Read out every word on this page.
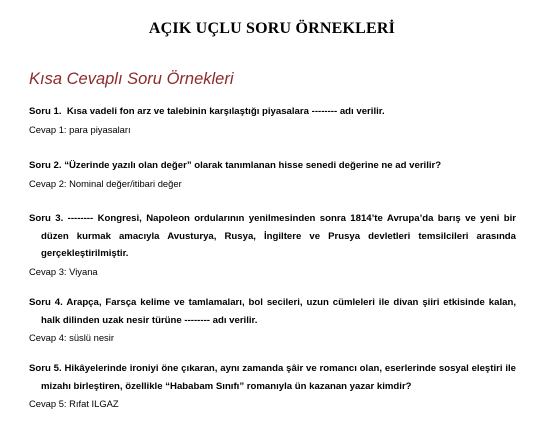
AÇIK UÇLU SORU ÖRNEKLERİ
Kısa Cevaplı Soru Örnekleri

Soru 1. Kısa vadeli fon arz ve talebinin karşılaştığı piyasalara -------- adı verilir.

Cevap 1: para piyasaları

Soru 2. “Üzerinde yazılı olan değer” olarak tanımlanan hisse senedi değerine ne ad verilir?

Cevap 2: Nominal değer/itibari değer

Soru 3. -------- Kongresi, Napoleon ordularının yenilmesinden sonra 1814’te Avrupa’da barış ve yeni bir düzen kurmak amacıyla Avusturya, Rusya, İngiltere ve Prusya devletleri temsilcileri arasında gerçekleştirilmiştir.

Cevap 3: Viyana

Soru 4. Arapça, Farsça kelime ve tamlamaları, bol secileri, uzun cümleleri ile divan şiiri etkisinde kalan, halk dilinden uzak nesir türüne -------- adı verilir.

Cevap 4: süslü nesir

Soru 5. Hikâyelerinde ironiyi öne çıkaran, aynı zamanda şâir ve romancı olan, eserlerinde sosyal eleştiri ile mizahı birleştiren, özellikle “Hababam Sınıfı” romanıyla ün kazanan yazar kimdir?

Cevap 5: Rıfat ILGAZ
